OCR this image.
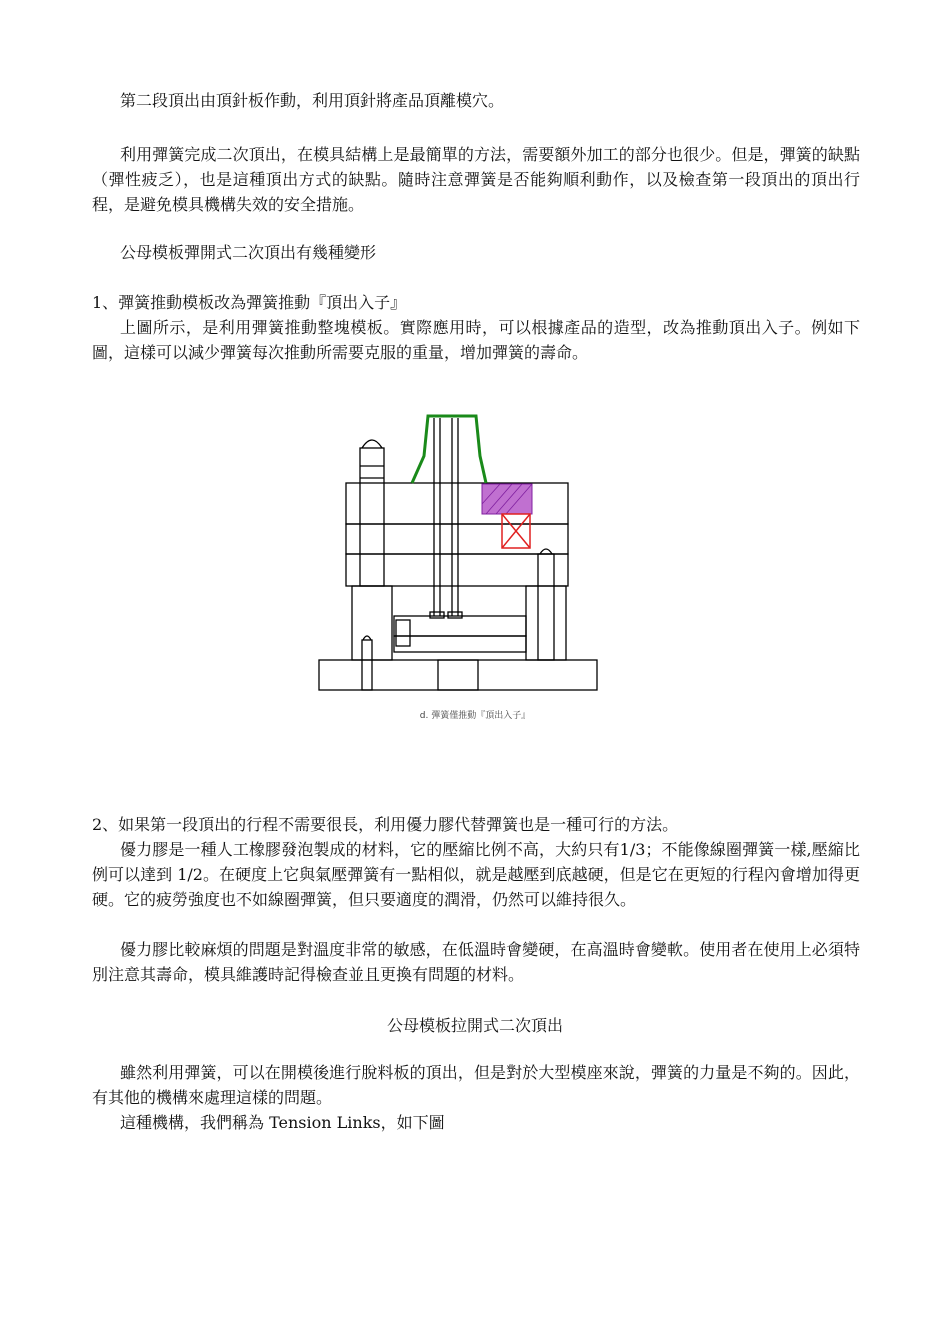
第二段頂出由頂針板作動，利用頂針將產品頂離模穴。

利用彈簧完成二次頂出，在模具結構上是最簡單的方法，需要額外加工的部分也很少。但是，彈簧的缺點（彈性疲乏），也是這種頂出方式的缺點。隨時注意彈簧是否能夠順利動作，以及檢查第一段頂出的頂出行程，是避免模具機構失效的安全措施。

公母模板彈開式二次頂出有幾種變形

1、彈簧推動模板改為彈簧推動『頂出入子』

上圖所示，是利用彈簧推動整塊模板。實際應用時，可以根據產品的造型，改為推動頂出入子。例如下圖，這樣可以減少彈簧每次推動所需要克服的重量，增加彈簧的壽命。

d. 彈簧僅推動『頂出入子』

2、如果第一段頂出的行程不需要很長，利用優力膠代替彈簧也是一種可行的方法。

優力膠是一種人工橡膠發泡製成的材料，它的壓縮比例不高，大約只有1/3；不能像線圈彈簧一樣,壓縮比例可以達到 1/2。在硬度上它與氣壓彈簧有一點相似，就是越壓到底越硬，但是它在更短的行程內會增加得更硬。它的疲勞強度也不如線圈彈簧，但只要適度的潤滑，仍然可以維持很久。

優力膠比較麻煩的問題是對溫度非常的敏感，在低溫時會變硬，在高溫時會變軟。使用者在使用上必須特別注意其壽命，模具維護時記得檢查並且更換有問題的材料。

公母模板拉開式二次頂出

雖然利用彈簧，可以在開模後進行脫料板的頂出，但是對於大型模座來說，彈簧的力量是不夠的。因此，有其他的機構來處理這樣的問題。

這種機構，我們稱為 Tension Links，如下圖
